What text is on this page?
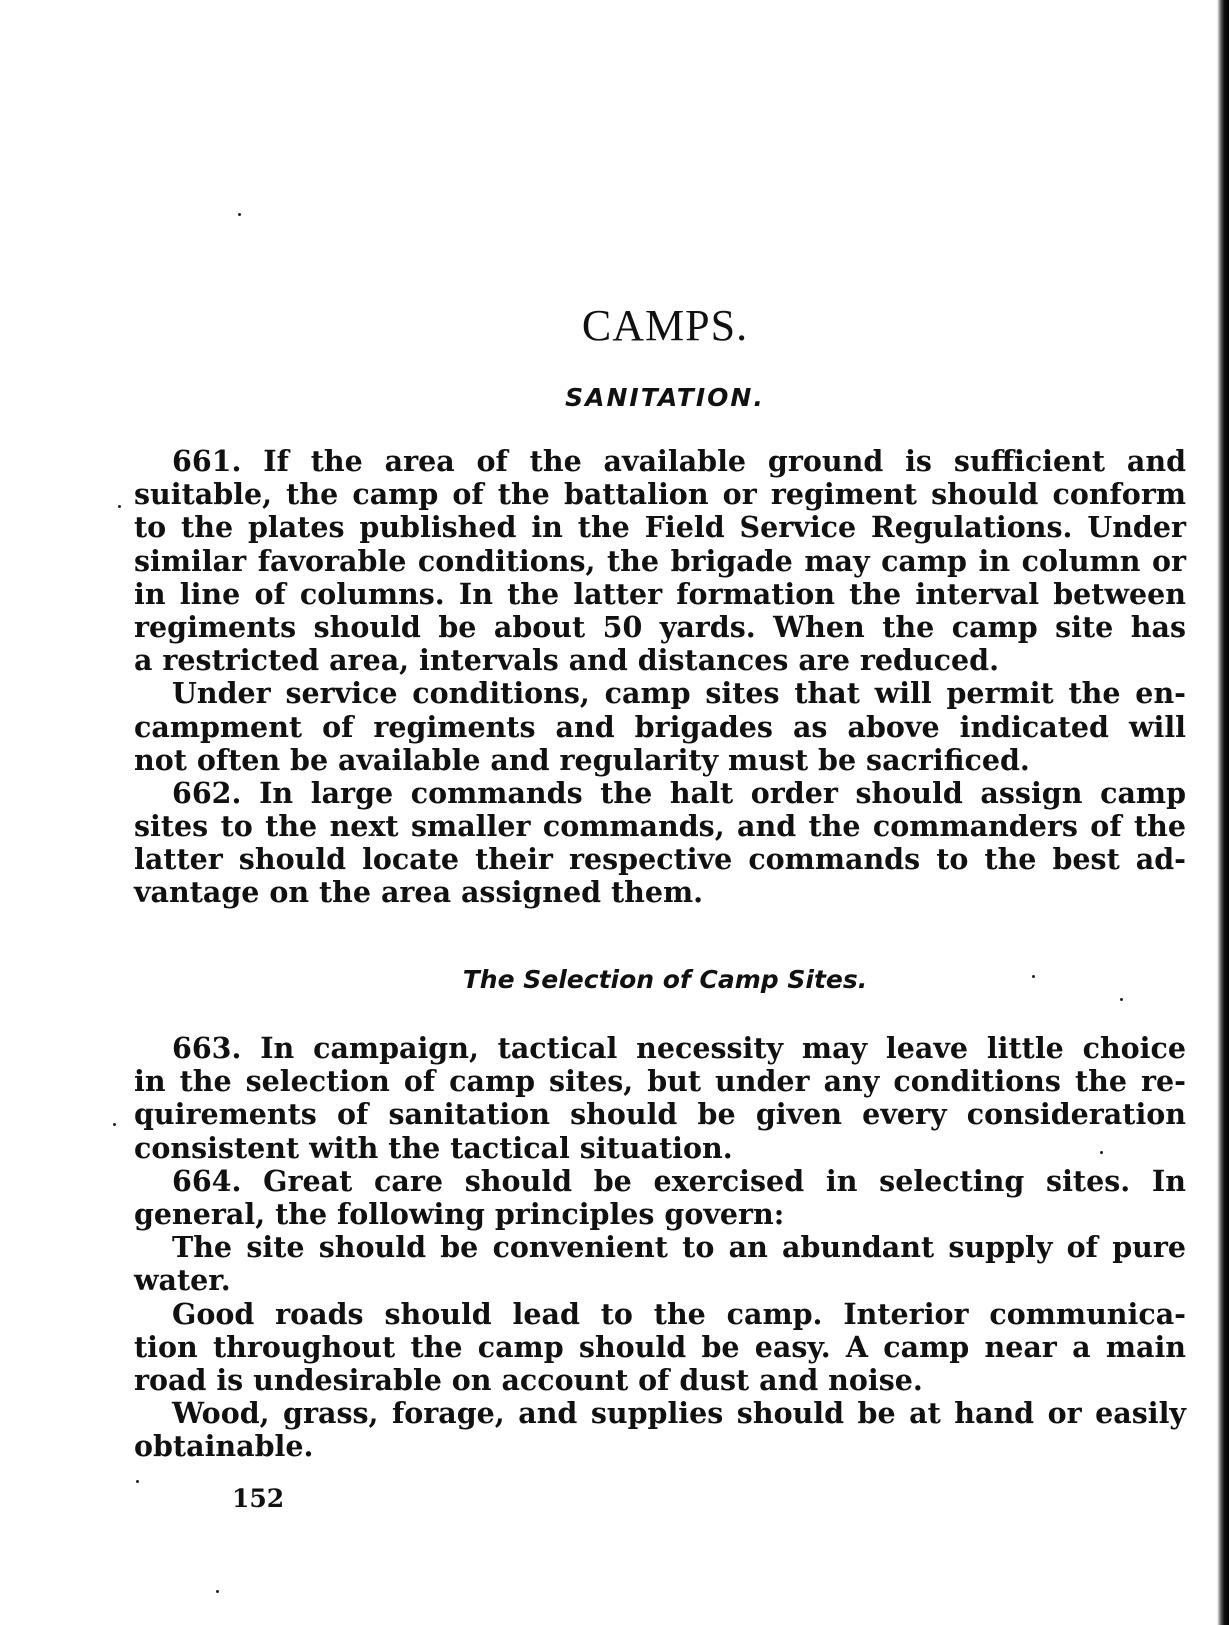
CAMPS.
SANITATION.
661. If the area of the available ground is sufficient and
suitable, the camp of the battalion or regiment should conform
to the plates published in the Field Service Regulations. Under
similar favorable conditions, the brigade may camp in column or
in line of columns. In the latter formation the interval between
regiments should be about 50 yards. When the camp site has
a restricted area, intervals and distances are reduced.
Under service conditions, camp sites that will permit the en-
campment of regiments and brigades as above indicated will
not often be available and regularity must be sacrificed.
662. In large commands the halt order should assign camp
sites to the next smaller commands, and the commanders of the
latter should locate their respective commands to the best ad-
vantage on the area assigned them.
The Selection of Camp Sites.
663. In campaign, tactical necessity may leave little choice
in the selection of camp sites, but under any conditions the re-
quirements of sanitation should be given every consideration
consistent with the tactical situation.
664. Great care should be exercised in selecting sites. In
general, the following principles govern:
The site should be convenient to an abundant supply of pure
water.
Good roads should lead to the camp. Interior communica-
tion throughout the camp should be easy. A camp near a main
road is undesirable on account of dust and noise.
Wood, grass, forage, and supplies should be at hand or easily
obtainable.
152
